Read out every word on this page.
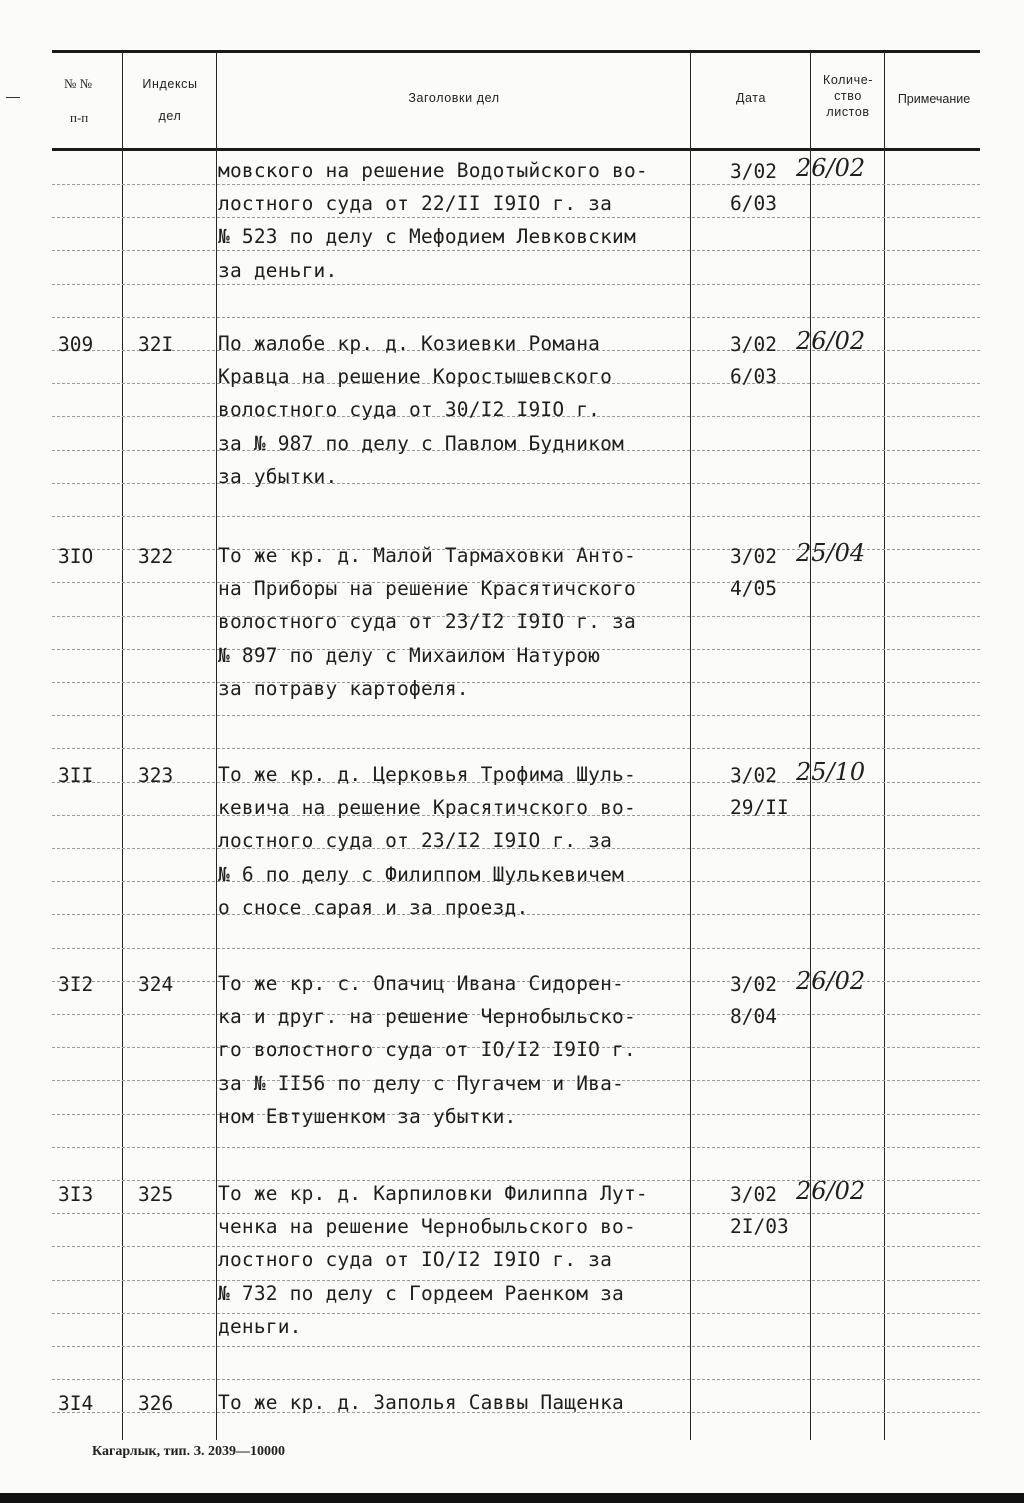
№ №
п-п
Индексы
дел
Заголовки дел	Дата
Количе-
ство
листов
Примечание
мовского на решение Водотыйского во-
лостного суда от 22/II I9IO г. за
№ 523 по делу с Мефодием Левковским
за деньги.
3/02
6/03
26/02
309 32I По жалобе кр. д. Козиевки Романа
Кравца на решение Коростышевского
волостного суда от 30/I2 I9IO г.
за № 987 по делу с Павлом Будником
за убытки.
3/02
6/03
26/02
3IO 322 То же кр. д. Малой Тармаховки Анто-
на Приборы на решение Красятичского
волостного суда от 23/I2 I9IO г. за
№ 897 по делу с Михаилом Натурою
за потраву картофеля.
3/02
4/05
25/04
3II 323 То же кр. д. Церковья Трофима Шуль-
кевича на решение Красятичского во-
лостного суда от 23/I2 I9IO г. за
№ 6 по делу с Филиппом Шулькевичем
о сносе сарая и за проезд.
3/02
29/II
25/10
3I2 324 То же кр. с. Опачиц Ивана Сидорен-
ка и друг. на решение Чернобыльско-
го волостного суда от IO/I2 I9IO г.
за № II56 по делу с Пугачем и Ива-
ном Евтушенком за убытки.
3/02
8/04
26/02
3I3 325 То же кр. д. Карпиловки Филиппа Лут-
ченка на решение Чернобыльского во-
лостного суда от IO/I2 I9IO г. за
№ 732 по делу с Гордеем Раенком за
деньги.
3/02
2I/03
26/02
3I4 326 То же кр. д. Заполья Саввы Пащенка
Кагарлык, тип. З. 2039—10000
